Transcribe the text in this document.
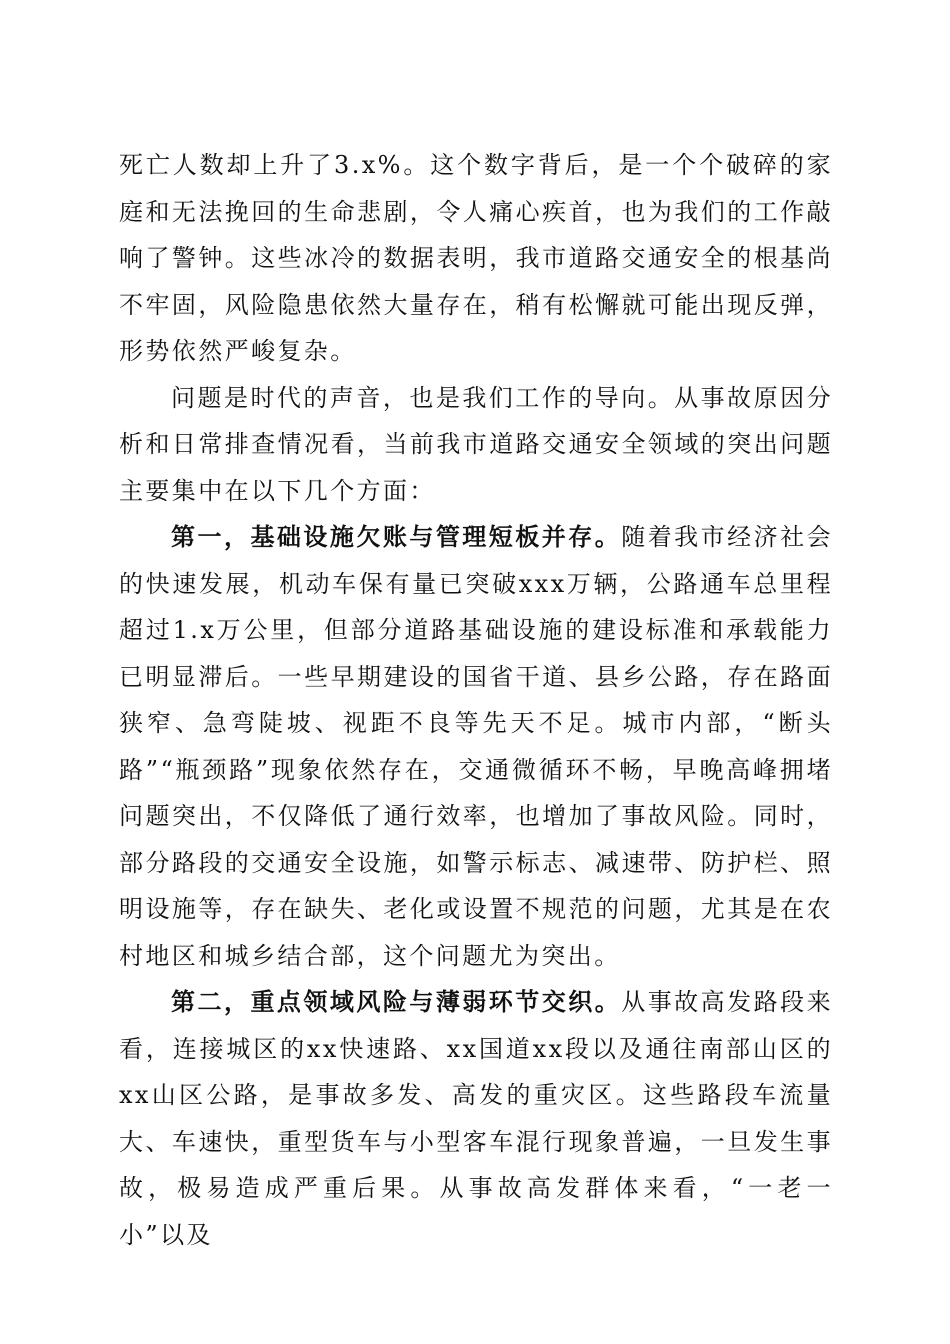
死亡人数却上升了3.x%。这个数字背后，是一个个破碎的家庭和无法挽回的生命悲剧，令人痛心疾首，也为我们的工作敲响了警钟。这些冰冷的数据表明，我市道路交通安全的根基尚不牢固，风险隐患依然大量存在，稍有松懈就可能出现反弹，形势依然严峻复杂。

问题是时代的声音，也是我们工作的导向。从事故原因分析和日常排查情况看，当前我市道路交通安全领域的突出问题主要集中在以下几个方面：

第一，基础设施欠账与管理短板并存。随着我市经济社会的快速发展，机动车保有量已突破xxx万辆，公路通车总里程超过1.x万公里，但部分道路基础设施的建设标准和承载能力已明显滞后。一些早期建设的国省干道、县乡公路，存在路面狭窄、急弯陡坡、视距不良等先天不足。城市内部，“断头路”“瓶颈路”现象依然存在，交通微循环不畅，早晚高峰拥堵问题突出，不仅降低了通行效率，也增加了事故风险。同时，部分路段的交通安全设施，如警示标志、减速带、防护栏、照明设施等，存在缺失、老化或设置不规范的问题，尤其是在农村地区和城乡结合部，这个问题尤为突出。

第二，重点领域风险与薄弱环节交织。从事故高发路段来看，连接城区的xx快速路、xx国道xx段以及通往南部山区的xx山区公路，是事故多发、高发的重灾区。这些路段车流量大、车速快，重型货车与小型客车混行现象普遍，一旦发生事故，极易造成严重后果。从事故高发群体来看，“一老一小”以及
